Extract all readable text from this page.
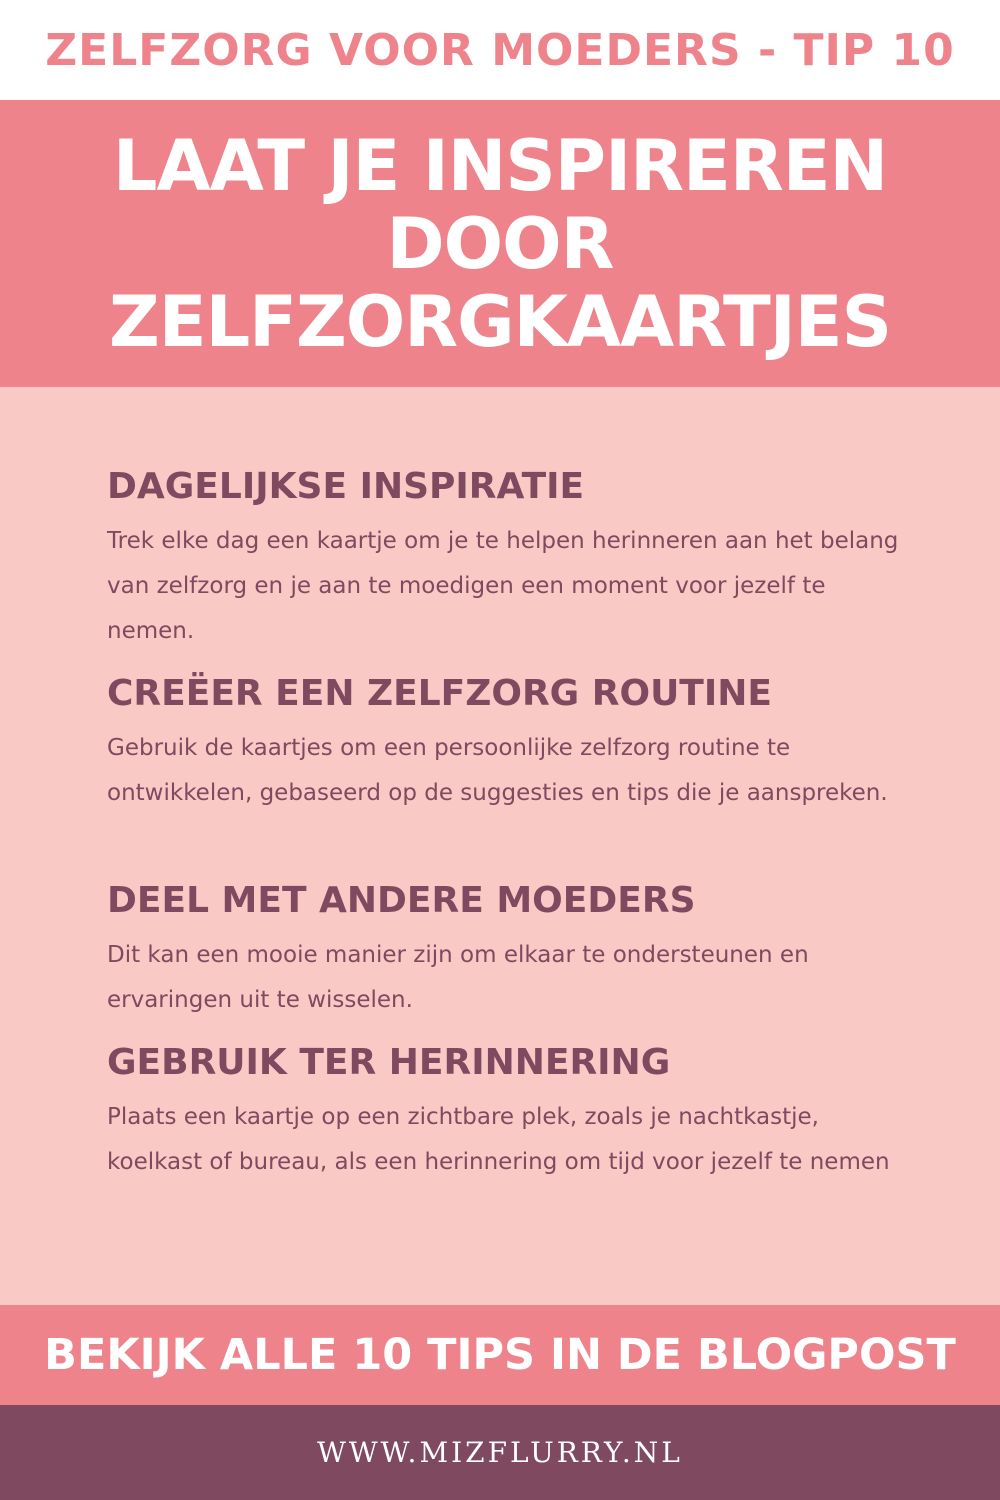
ZELFZORG VOOR MOEDERS - TIP 10
LAAT JE INSPIREREN
DOOR
ZELFZORGKAARTJES
DAGELIJKSE INSPIRATIE

Trek elke dag een kaartje om je te helpen herinneren aan het belang van zelfzorg en je aan te moedigen een moment voor jezelf te nemen.

CREËER EEN ZELFZORG ROUTINE

Gebruik de kaartjes om een persoonlijke zelfzorg routine te ontwikkelen, gebaseerd op de suggesties en tips die je aanspreken.

DEEL MET ANDERE MOEDERS

Dit kan een mooie manier zijn om elkaar te ondersteunen en ervaringen uit te wisselen.

GEBRUIK TER HERINNERING

Plaats een kaartje op een zichtbare plek, zoals je nachtkastje, koelkast of bureau, als een herinnering om tijd voor jezelf te nemen

BEKIJK ALLE 10 TIPS IN DE BLOGPOST
WWW.MIZFLURRY.NL
